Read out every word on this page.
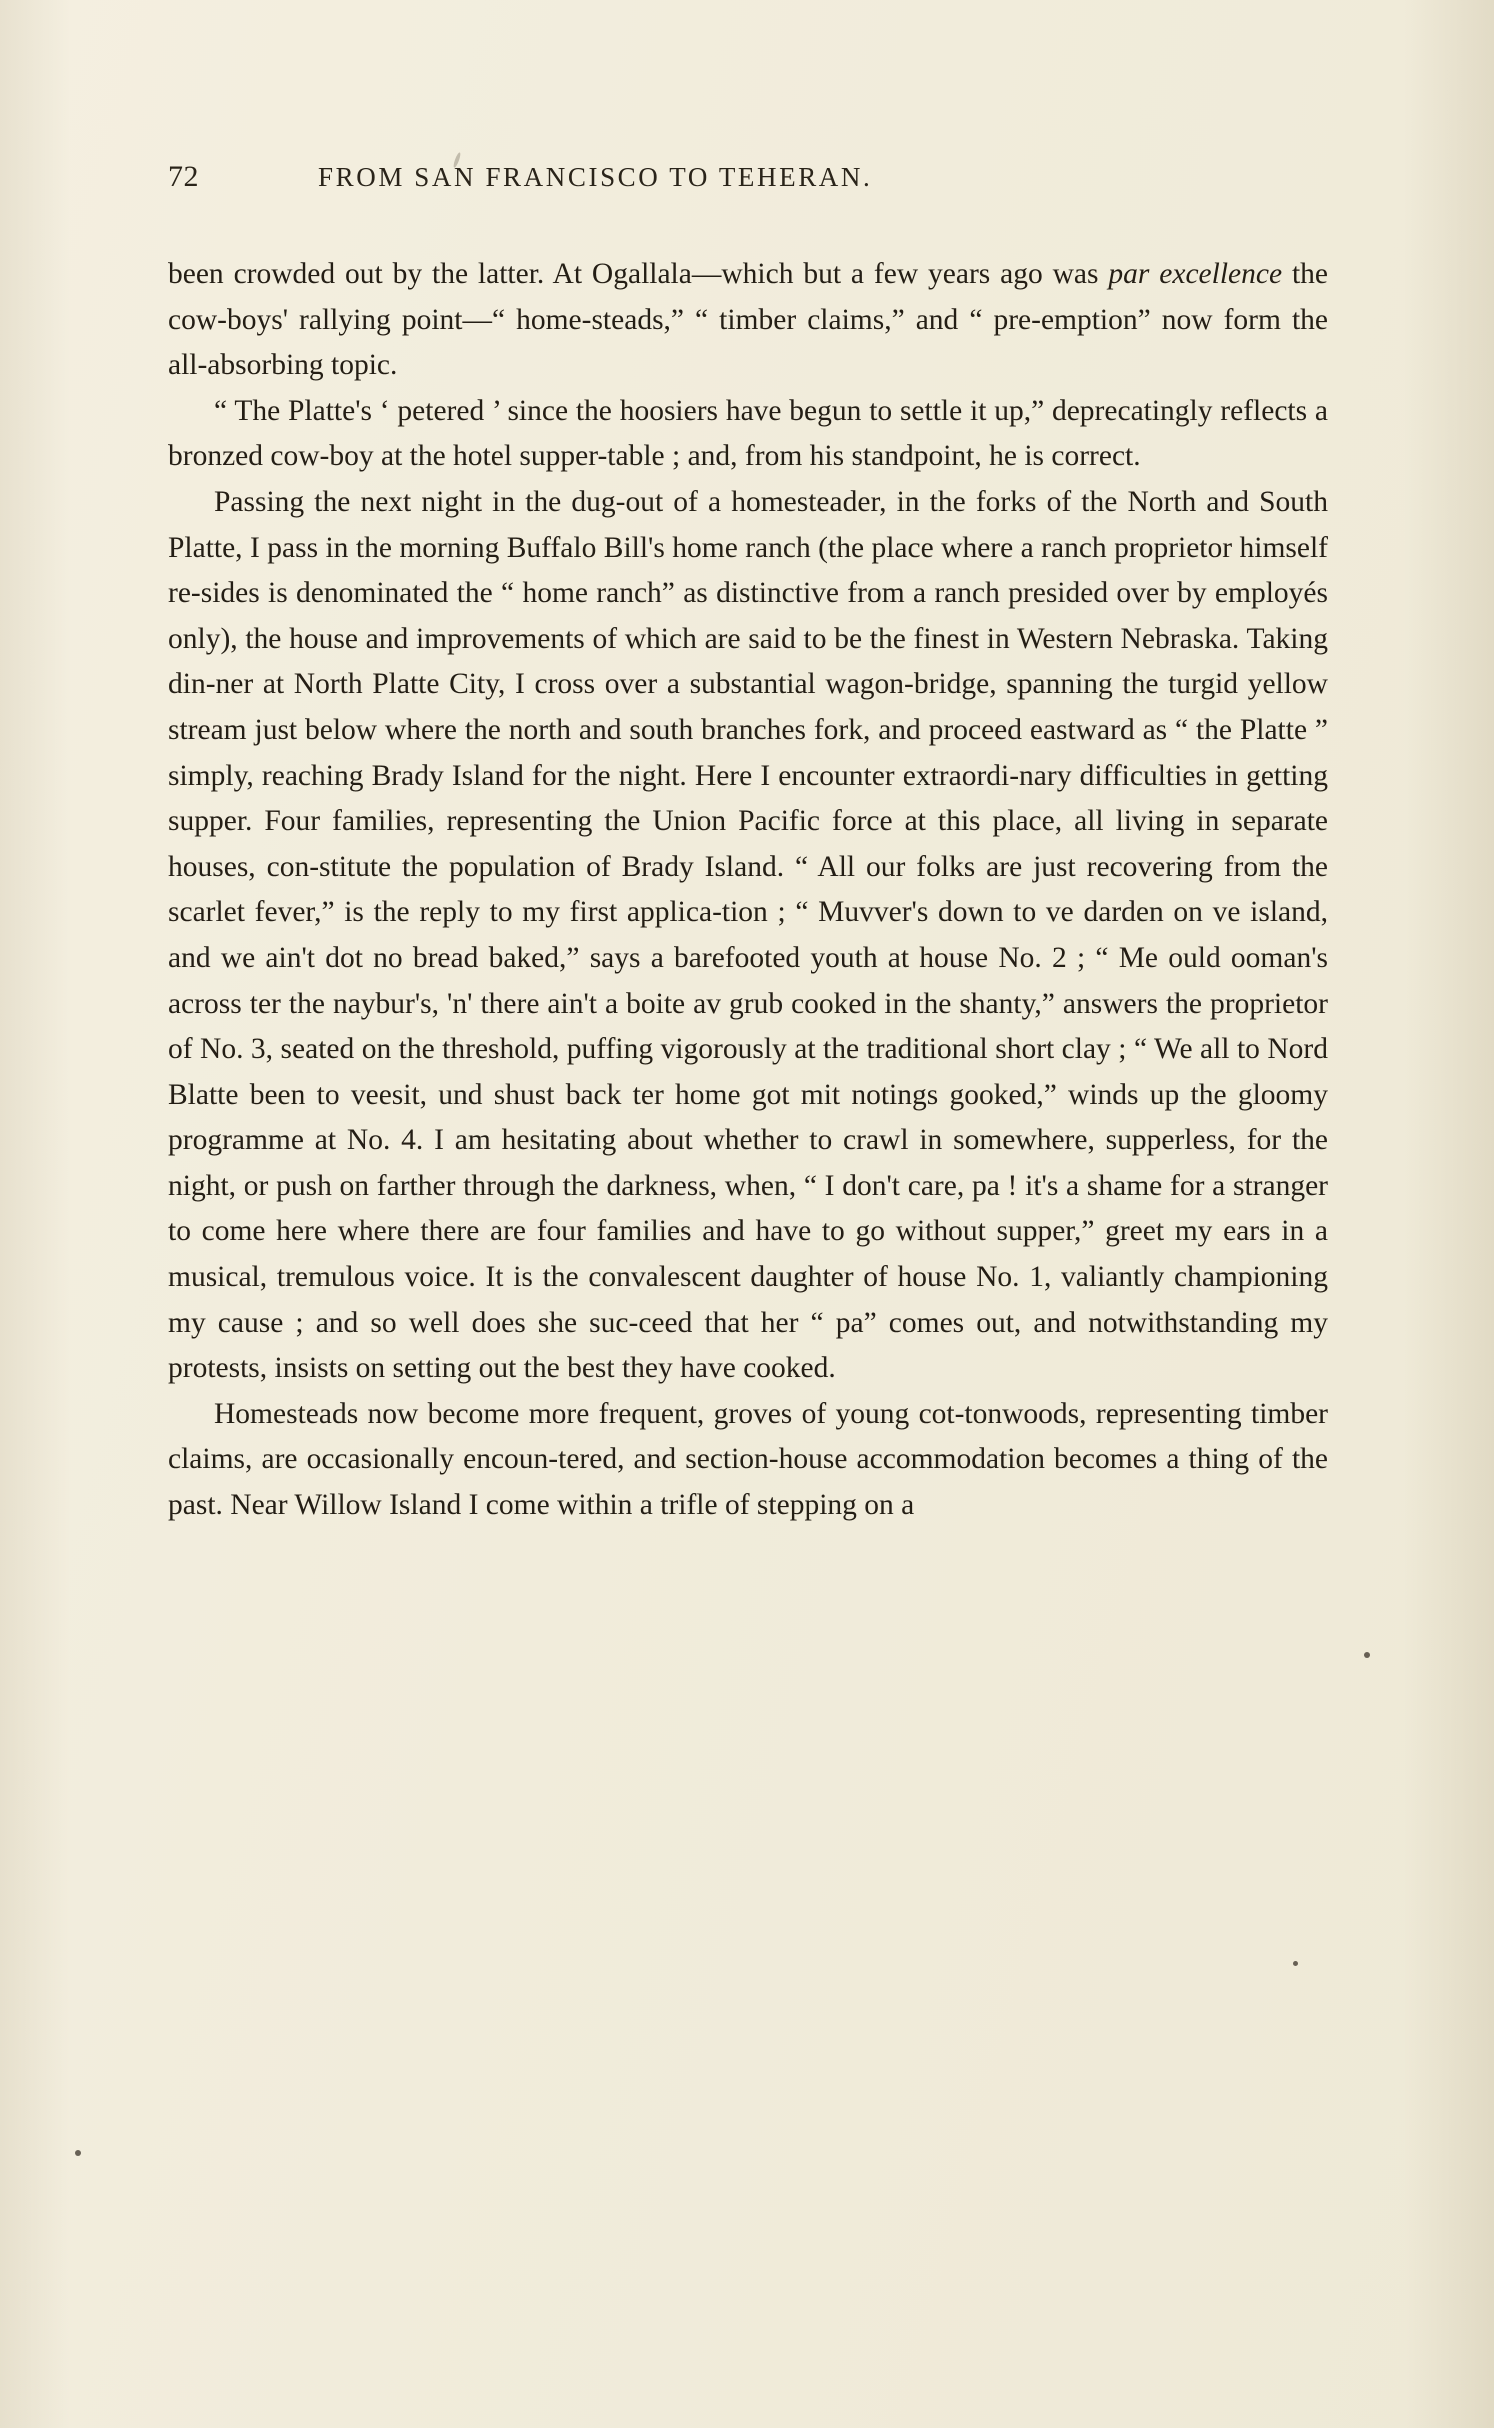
72	FROM SAN FRANCISCO TO TEHERAN.

been crowded out by the latter. At Ogallala—which but a few years ago was par excellence the cow-boys' rallying point—“ home-steads,” “ timber claims,” and “ pre-emption” now form the all-absorbing topic.

“ The Platte's ‘ petered ’ since the hoosiers have begun to settle it up,” deprecatingly reflects a bronzed cow-boy at the hotel supper-table ; and, from his standpoint, he is correct.

Passing the next night in the dug-out of a homesteader, in the forks of the North and South Platte, I pass in the morning Buffalo Bill's home ranch (the place where a ranch proprietor himself re-sides is denominated the “ home ranch” as distinctive from a ranch presided over by employés only), the house and improvements of which are said to be the finest in Western Nebraska. Taking din-ner at North Platte City, I cross over a substantial wagon-bridge, spanning the turgid yellow stream just below where the north and south branches fork, and proceed eastward as “ the Platte ” simply, reaching Brady Island for the night. Here I encounter extraordi-nary difficulties in getting supper. Four families, representing the Union Pacific force at this place, all living in separate houses, con-stitute the population of Brady Island. “ All our folks are just recovering from the scarlet fever,” is the reply to my first applica-tion ; “ Muvver's down to ve darden on ve island, and we ain't dot no bread baked,” says a barefooted youth at house No. 2 ; “ Me ould ooman's across ter the naybur's, 'n' there ain't a boite av grub cooked in the shanty,” answers the proprietor of No. 3, seated on the threshold, puffing vigorously at the traditional short clay ; “ We all to Nord Blatte been to veesit, und shust back ter home got mit notings gooked,” winds up the gloomy programme at No. 4. I am hesitating about whether to crawl in somewhere, supperless, for the night, or push on farther through the darkness, when, “ I don't care, pa ! it's a shame for a stranger to come here where there are four families and have to go without supper,” greet my ears in a musical, tremulous voice. It is the convalescent daughter of house No. 1, valiantly championing my cause ; and so well does she suc-ceed that her “ pa” comes out, and notwithstanding my protests, insists on setting out the best they have cooked.

Homesteads now become more frequent, groves of young cot-tonwoods, representing timber claims, are occasionally encoun-tered, and section-house accommodation becomes a thing of the past. Near Willow Island I come within a trifle of stepping on a
